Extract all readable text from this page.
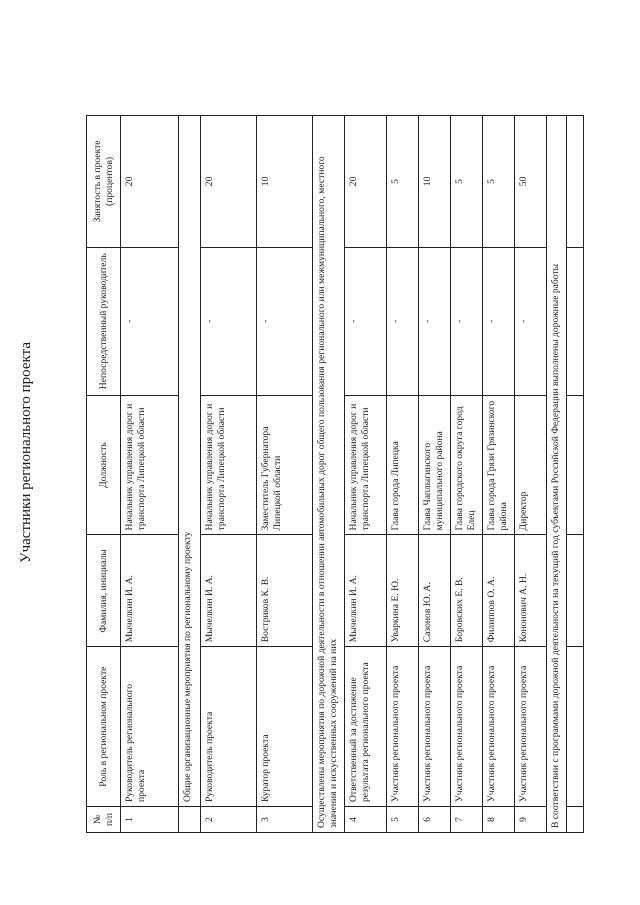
Участники регионального проекта
№ п/п	Роль в региональном проекте	Фамилия, инициалы	Должность	Непосредственный руководитель	Занятость в проекте (процентов)
1	Руководитель регионального проекта	Мычелкин И. А.	Начальник управления дорог и транспорта Липецкой области	-	20
	Общие организационные мероприятия по региональному проекту				
2	Руководитель проекта	Мычелкин И. А.	Начальник управления дорог и транспорта Липецкой области	-	20
3	Куратор проекта	Востриков К. В.	Заместитель Губернатора Липецкой области	-	10
Осуществлены мероприятия по дорожной деятельности в отношении автомобильных дорог общего пользования регионального или межмуниципального, местного значения и искусственных сооружений на них					
4	Ответственный за достижение результата регионального проекта	Мычелкин И. А.	Начальник управления дорог и транспорта Липецкой области	-	20
5	Участник регионального проекта	Уваркина Е. Ю.	Глава города Липецка	-	5
6	Участник регионального проекта	Сазонов Ю. А.	Глава Чаплыгинского муниципального района	-	10
7	Участник регионального проекта	Боровских Е. В.	Глава городского округа город Елец	-	5
8	Участник регионального проекта	Филиппов О. А.	Глава города Грязи Грязинского района	-	5
9	Участник регионального проекта	Кононович А. Н.	Директор	-	50
В соответствии с программами дорожной деятельности на текущий год субъектами Российской Федерации выполнены дорожные работы					
